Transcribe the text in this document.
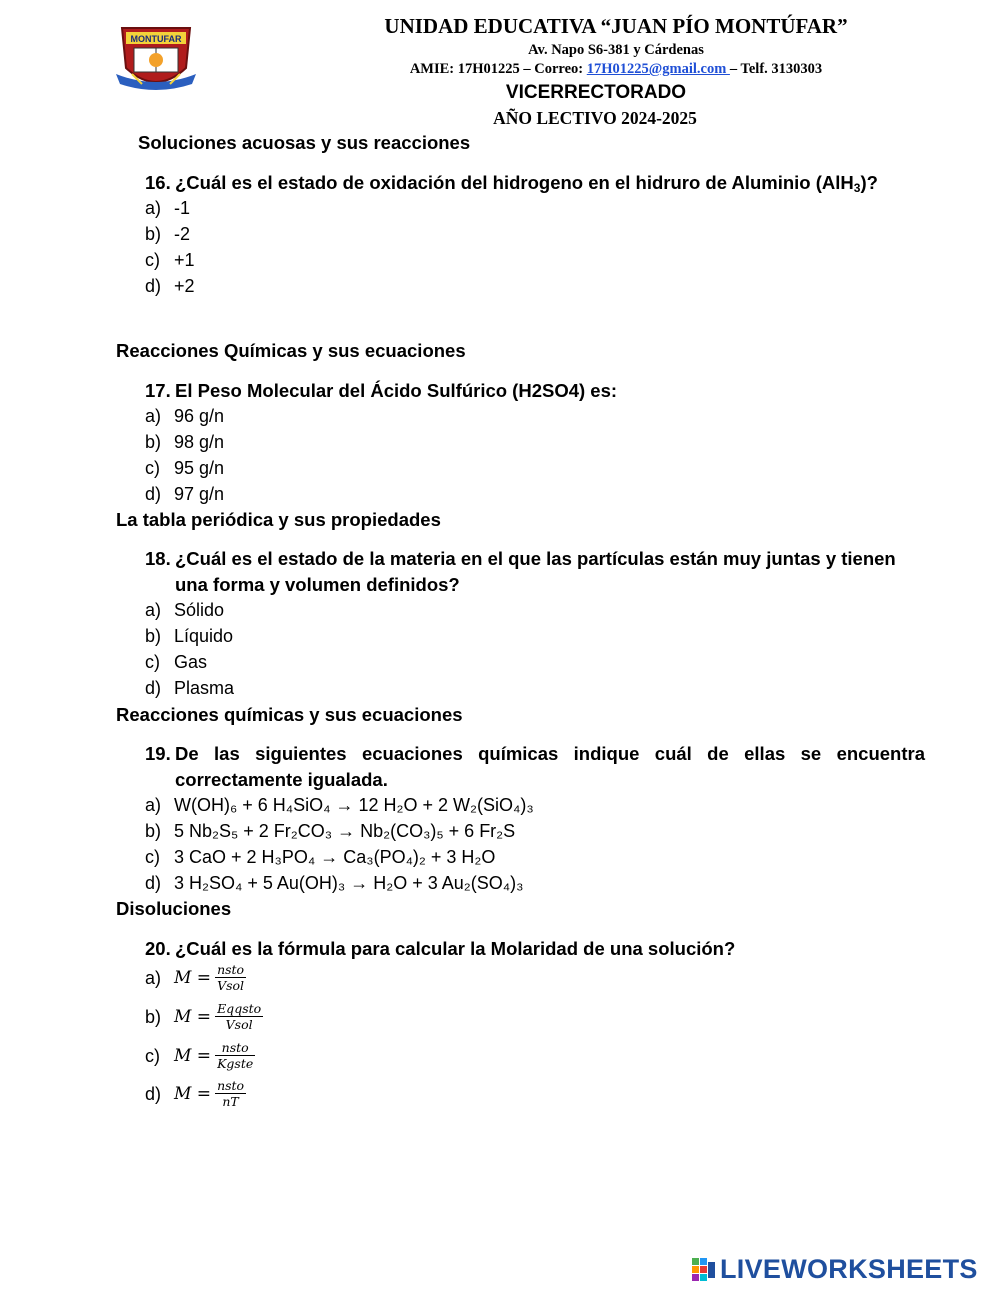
MONTUFAR
UNIDAD EDUCATIVA “JUAN PÍO MONTÚFAR”
Av. Napo S6-381 y Cárdenas
AMIE: 17H01225 – Correo: 17H01225@gmail.com – Telf. 3130303
VICERRECTORADO
AÑO LECTIVO 2024-2025
Soluciones acuosas y sus reacciones
16. ¿Cuál es el estado de oxidación del hidrogeno en el hidruro de Aluminio (AlH$_3$)?
a) -1
b) -2
c) +1
d) +2
Reacciones Químicas y sus ecuaciones
17. El Peso Molecular del Ácido Sulfúrico (H2SO4) es:
a) 96 g/n
b) 98 g/n
c) 95 g/n
d) 97 g/n
La tabla periódica y sus propiedades
18. ¿Cuál es el estado de la materia en el que las partículas están muy juntas y tienen
una forma y volumen definidos?
a) Sólido
b) Líquido
c) Gas
d) Plasma
Reacciones químicas y sus ecuaciones
19. De las siguientes ecuaciones químicas indique cuál de ellas se encuentra
correctamente igualada.
a) W(OH)₆ + 6 H₄SiO₄ → 12 H₂O + 2 W₂(SiO₄)₃
b) 5 Nb₂S₅ + 2 Fr₂CO₃ → Nb₂(CO₃)₅ + 6 Fr₂S
c) 3 CaO + 2 H₃PO₄ → Ca₃(PO₄)₂ + 3 H₂O
d) 3 H₂SO₄ + 5 Au(OH)₃ → H₂O + 3 Au₂(SO₄)₃
Disoluciones
20. ¿Cuál es la fórmula para calcular la Molaridad de una solución?
a) $M = \frac{\text{nsto}}{\text{Vsol}}$
b) $M = \frac{\text{Eqqsto}}{\text{Vsol}}$
c) $M = \frac{\text{nsto}}{\text{Kgste}}$
d) $M = \frac{\text{nsto}}{nT}$
LIVEWORKSHEETS
